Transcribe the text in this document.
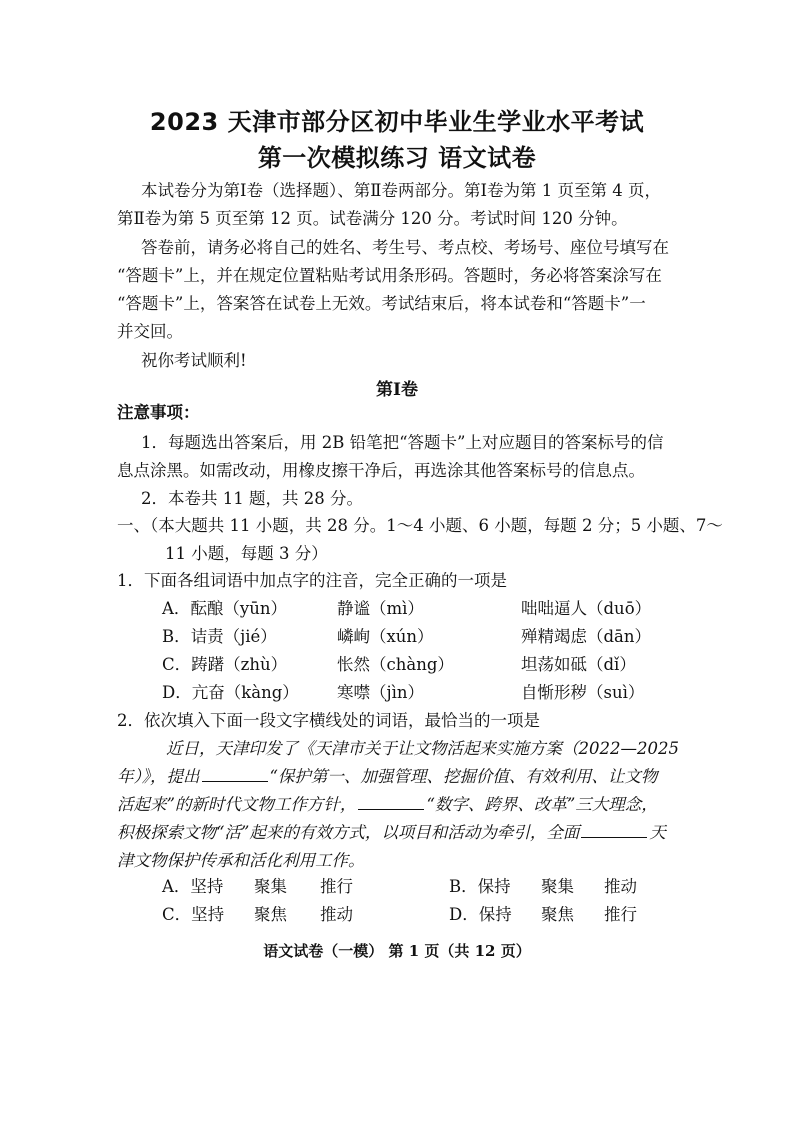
2023 天津市部分区初中毕业生学业水平考试
第一次模拟练习 语文试卷
本试卷分为第Ⅰ卷（选择题）、第Ⅱ卷两部分。第Ⅰ卷为第 1 页至第 4 页，
第Ⅱ卷为第 5 页至第 12 页。试卷满分 120 分。考试时间 120 分钟。
答卷前，请务必将自己的姓名、考生号、考点校、考场号、座位号填写在
“答题卡”上，并在规定位置粘贴考试用条形码。答题时，务必将答案涂写在
“答题卡”上，答案答在试卷上无效。考试结束后，将本试卷和“答题卡”一
并交回。
祝你考试顺利!
第Ⅰ卷
注意事项：
1．每题选出答案后，用 2B 铅笔把“答题卡”上对应题目的答案标号的信
息点涂黑。如需改动，用橡皮擦干净后，再选涂其他答案标号的信息点。
2．本卷共 11 题，共 28 分。
一、（本大题共 11 小题，共 28 分。1～4 小题、6 小题，每题 2 分；5 小题、7～
11 小题，每题 3 分）
1．下面各组词语中加点字的注音，完全正确的一项是
A．酝酿（yūn）	静谧（mì）	咄咄逼人（duō）
B．诘责（jié）	嶙峋（xún）	殚精竭虑（dān）
C．踌躇（zhù）	怅然（chàng）	坦荡如砥（dǐ）
D．亢奋（kàng） 寒噤（jìn）	自惭形秽（suì）
2．依次填入下面一段文字横线处的词语，最恰当的一项是
近日，天津印发了《天津市关于让文物活起来实施方案（2022—2025
年）》，提出	“保护第一、加强管理、挖掘价值、有效利用、让文物
活起来”的新时代文物工作方针，	“数字、跨界、改革”三大理念，
积极探索文物“活”起来的有效方式，以项目和活动为牵引，全面	天
津文物保护传承和活化利用工作。
A．坚持 聚集 推行	B．保持 聚集 推动
C．坚持 聚焦 推动	D．保持 聚焦 推行
语文试卷（一模） 第 1 页（共 12 页）
